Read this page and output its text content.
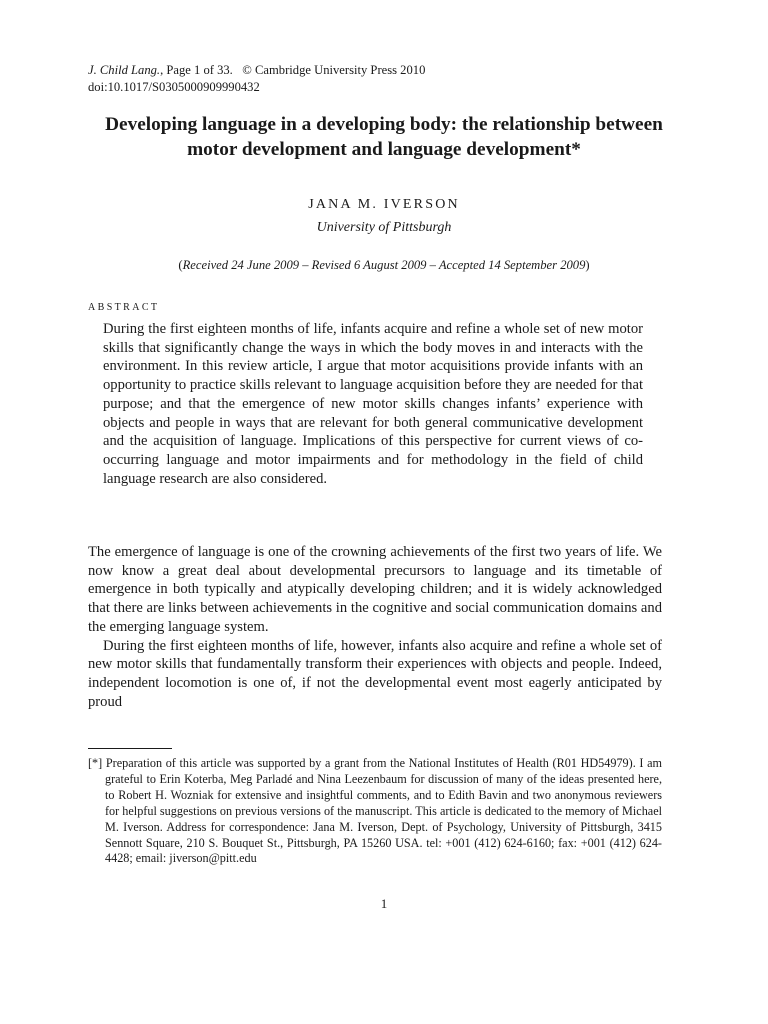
J. Child Lang., Page 1 of 33. © Cambridge University Press 2010
doi:10.1017/S0305000909990432
Developing language in a developing body: the relationship between motor development and language development*
JANA M. IVERSON
University of Pittsburgh
(Received 24 June 2009 – Revised 6 August 2009 – Accepted 14 September 2009)
ABSTRACT
During the first eighteen months of life, infants acquire and refine a whole set of new motor skills that significantly change the ways in which the body moves in and interacts with the environment. In this review article, I argue that motor acquisitions provide infants with an opportunity to practice skills relevant to language acquisition before they are needed for that purpose; and that the emergence of new motor skills changes infants’ experience with objects and people in ways that are relevant for both general communicative development and the acquisition of language. Implications of this perspective for current views of co-occurring language and motor impairments and for methodology in the field of child language research are also considered.

The emergence of language is one of the crowning achievements of the first two years of life. We now know a great deal about developmental precursors to language and its timetable of emergence in both typically and atypically developing children; and it is widely acknowledged that there are links between achievements in the cognitive and social communication domains and the emerging language system.

During the first eighteen months of life, however, infants also acquire and refine a whole set of new motor skills that fundamentally transform their experiences with objects and people. Indeed, independent locomotion is one of, if not the developmental event most eagerly anticipated by proud

[*] Preparation of this article was supported by a grant from the National Institutes of Health (R01 HD54979). I am grateful to Erin Koterba, Meg Parladé and Nina Leezenbaum for discussion of many of the ideas presented here, to Robert H. Wozniak for extensive and insightful comments, and to Edith Bavin and two anonymous reviewers for helpful suggestions on previous versions of the manuscript. This article is dedicated to the memory of Michael M. Iverson. Address for correspondence: Jana M. Iverson, Dept. of Psychology, University of Pittsburgh, 3415 Sennott Square, 210 S. Bouquet St., Pittsburgh, PA 15260 USA. tel: +001 (412) 624-6160; fax: +001 (412) 624-4428; email: jiverson@pitt.edu
1
